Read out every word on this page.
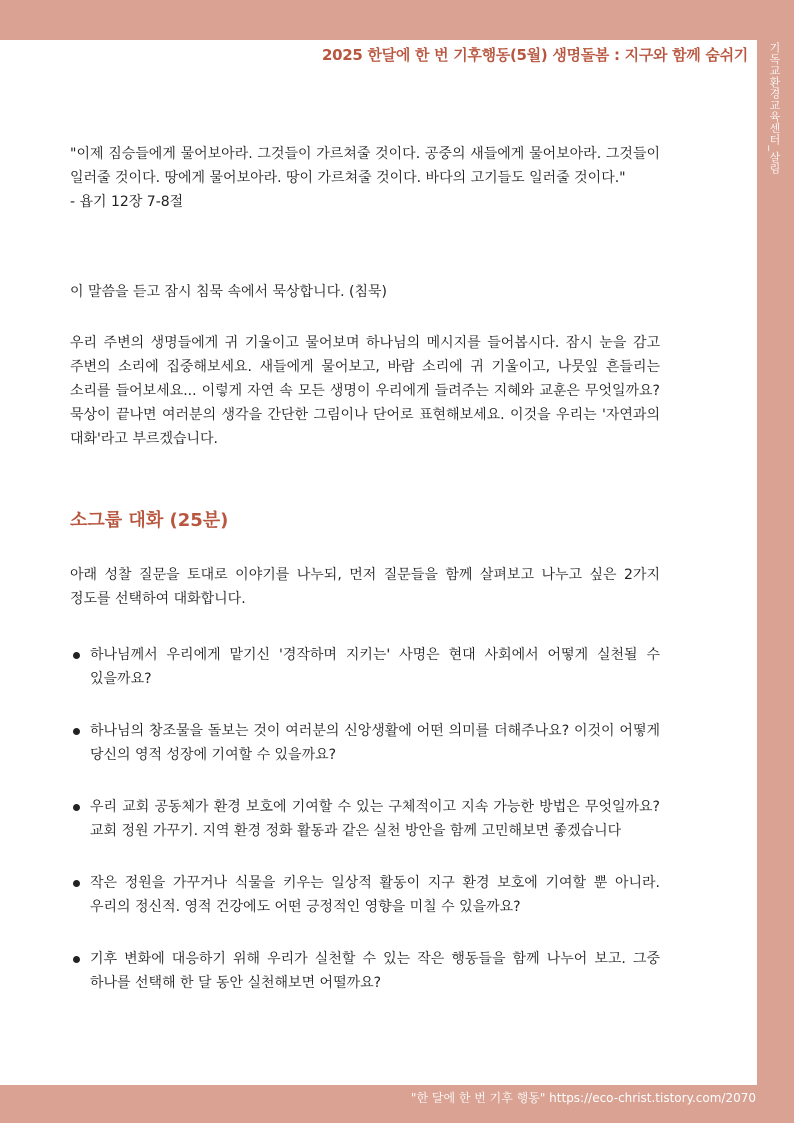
2025 한달에 한 번 기후행동(5월) 생명돌봄 : 지구와 함께 숨쉬기 기독교환경교육센터_살림

"이제 짐승들에게 물어보아라. 그것들이 가르쳐줄 것이다. 공중의 새들에게 물어보아라. 그것들이 일러줄 것이다. 땅에게 물어보아라. 땅이 가르쳐줄 것이다. 바다의 고기들도 일러줄 것이다."

- 욥기 12장 7-8절

이 말씀을 듣고 잠시 침묵 속에서 묵상합니다. (침묵)

우리 주변의 생명들에게 귀 기울이고 물어보며 하나님의 메시지를 들어봅시다. 잠시 눈을 감고 주변의 소리에 집중해보세요. 새들에게 물어보고, 바람 소리에 귀 기울이고, 나뭇잎 흔들리는 소리를 들어보세요... 이렇게 자연 속 모든 생명이 우리에게 들려주는 지혜와 교훈은 무엇일까요? 묵상이 끝나면 여러분의 생각을 간단한 그림이나 단어로 표현해보세요. 이것을 우리는 '자연과의 대화'라고 부르겠습니다.

소그룹 대화 (25분)

아래 성찰 질문을 토대로 이야기를 나누되, 먼저 질문들을 함께 살펴보고 나누고 싶은 2가지 정도를 선택하여 대화합니다.

하나님께서 우리에게 맡기신 '경작하며 지키는' 사명은 현대 사회에서 어떻게 실천될 수 있을까요?
하나님의 창조물을 돌보는 것이 여러분의 신앙생활에 어떤 의미를 더해주나요? 이것이 어떻게 당신의 영적 성장에 기여할 수 있을까요?
우리 교회 공동체가 환경 보호에 기여할 수 있는 구체적이고 지속 가능한 방법은 무엇일까요? 교회 정원 가꾸기. 지역 환경 정화 활동과 같은 실천 방안을 함께 고민해보면 좋겠습니다
작은 정원을 가꾸거나 식물을 키우는 일상적 활동이 지구 환경 보호에 기여할 뿐 아니라. 우리의 정신적. 영적 건강에도 어떤 긍정적인 영향을 미칠 수 있을까요?
기후 변화에 대응하기 위해 우리가 실천할 수 있는 작은 행동들을 함께 나누어 보고. 그중 하나를 선택해 한 달 동안 실천해보면 어떨까요?
"한 달에 한 번 기후 행동" https://eco-christ.tistory.com/2070
